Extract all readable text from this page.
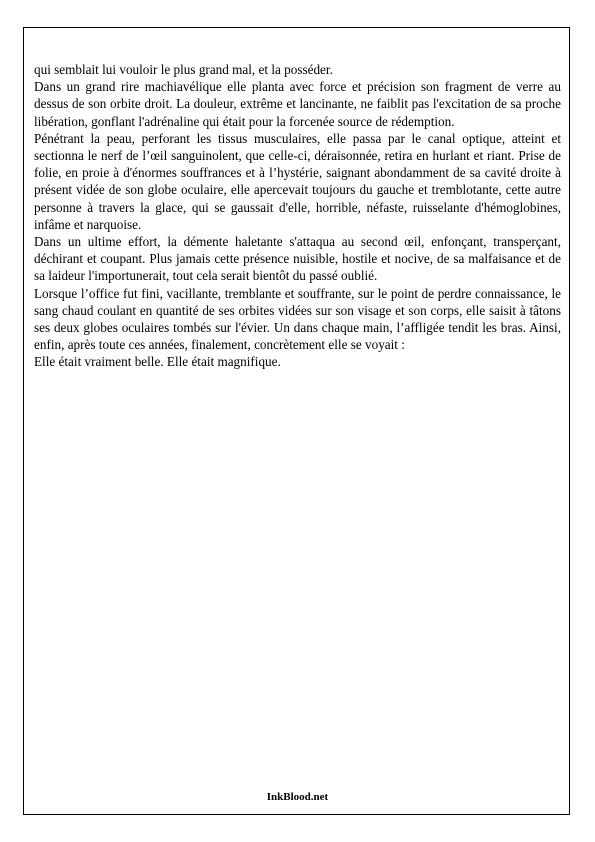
qui semblait lui vouloir le plus grand mal, et la posséder.

Dans un grand rire machiavélique elle planta avec force et précision son fragment de verre au dessus de son orbite droit. La douleur, extrême et lancinante, ne faiblit pas l'excitation de sa proche libération, gonflant l'adrénaline qui était pour la forcenée source de rédemption.

Pénétrant la peau, perforant les tissus musculaires, elle passa par le canal optique, atteint et sectionna le nerf de l’œil sanguinolent, que celle-ci, déraisonnée, retira en hurlant et riant. Prise de folie, en proie à d'énormes souffrances et à l’hystérie, saignant abondamment de sa cavité droite à présent vidée de son globe oculaire, elle apercevait toujours du gauche et tremblotante, cette autre personne à travers la glace, qui se gaussait d'elle, horrible, néfaste, ruisselante d'hémoglobines, infâme et narquoise.

Dans un ultime effort, la démente haletante s'attaqua au second œil, enfonçant, transperçant, déchirant et coupant. Plus jamais cette présence nuisible, hostile et nocive, de sa malfaisance et de sa laideur l'importunerait, tout cela serait bientôt du passé oublié.

Lorsque l’office fut fini, vacillante, tremblante et souffrante, sur le point de perdre connaissance, le sang chaud coulant en quantité de ses orbites vidées sur son visage et son corps, elle saisit à tâtons ses deux globes oculaires tombés sur l'évier. Un dans chaque main, l’affligée tendit les bras. Ainsi, enfin, après toute ces années, finalement, concrètement elle se voyait :

Elle était vraiment belle. Elle était magnifique.

InkBlood.net
